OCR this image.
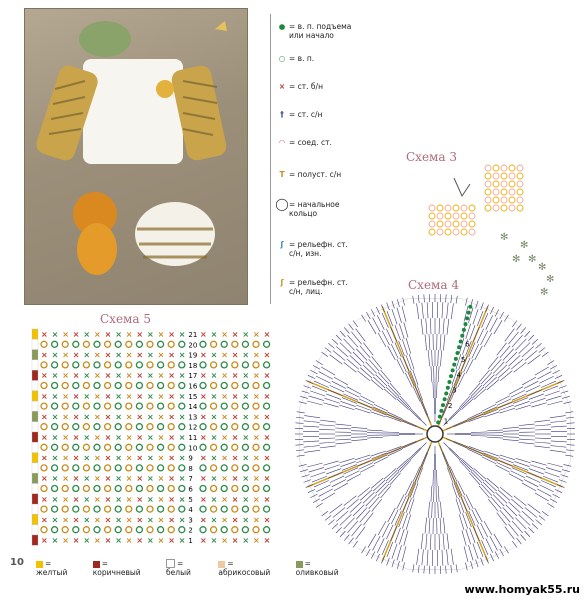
● = в. п. подъема или начало
○ = в. п.
× = ст. б/н
† = ст. с/н
◠ = соед. ст.
T = полуст. с/н
◯ = начальное кольцо
ʃ = рельефн. ст. с/н, изн.
ʃ = рельефн. ст. с/н, лиц.
Схема 3
Схема 4
Схема 5
✻
✻
✻ ✻
✻
✻
✻
1
2
3
4
5
6
× × × × × × × × × × × × × × × × × × × × ×
× × × × × × × × × × × × × × × × × × × × ×
× × × × × × × × × × × × × × × × × × × × ×
× × × × × × × × × × × × × × × × × × × × ×
× × × × × × × × × × × × × × × × × × × × ×
× × × × × × × × × × × × × × × × × × × × ×
× × × × × × × × × × × × × × × × × × × × ×
× × × × × × × × × × × × × × × × × × × × ×
× × × × × × × × × × × × × × × × × × × × ×
× × × × × × × × × × × × × × × × × × × × ×
× × × × × × × × × × × × × × × × × × × × ×
21
20
19
18
17
16
15
14
13
12
11
10
9
8
7
6
5
4
3
2
1
10	= желтый
= коричневый
= белый
= абрикосовый
= оливковый
www.homyak55.ru
